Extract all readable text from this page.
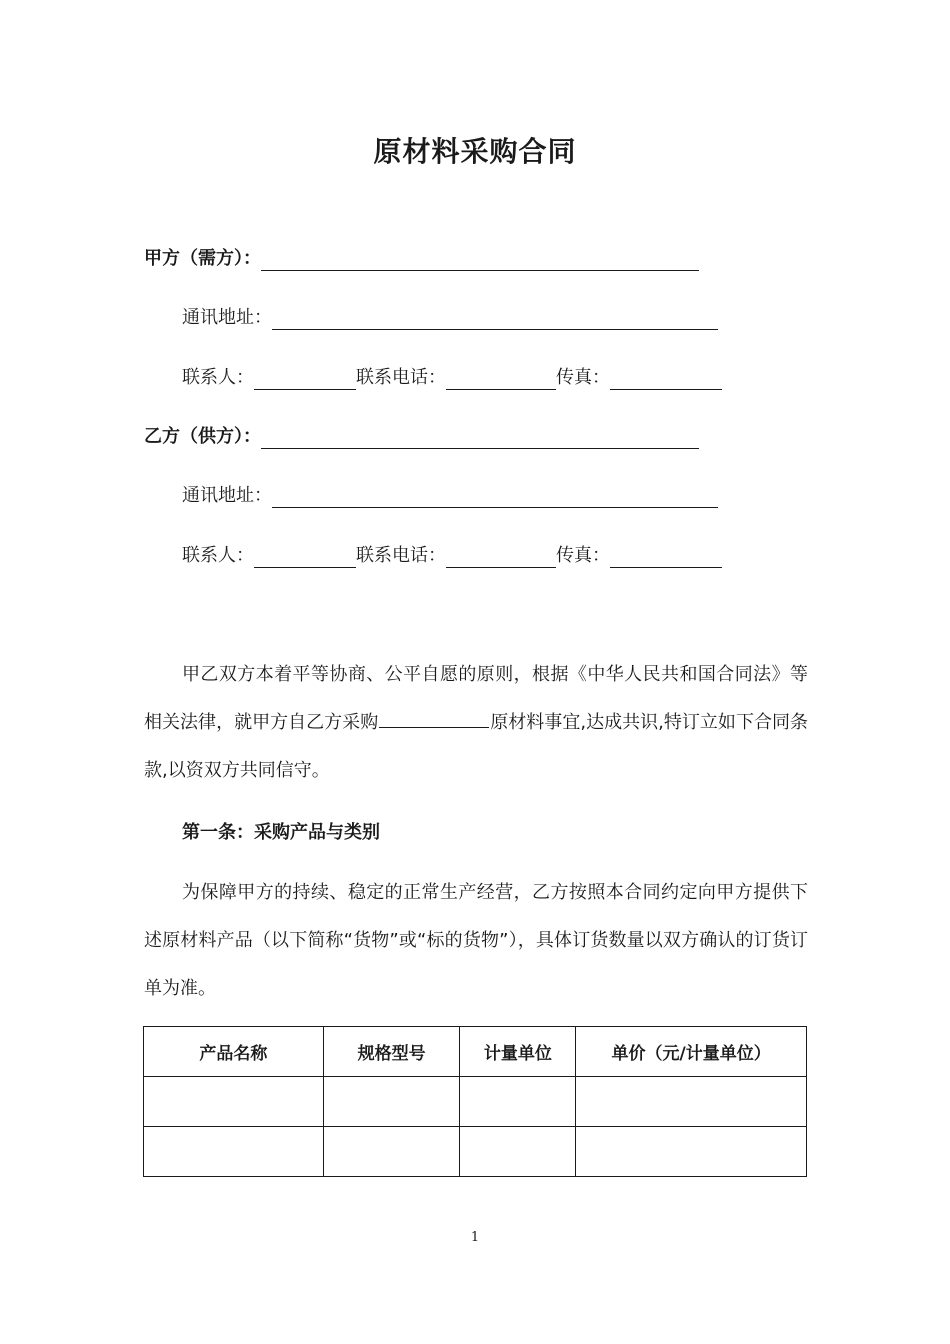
原材料采购合同
甲方（需方）：
通讯地址：
联系人：	联系电话：	传真：
乙方（供方）：
通讯地址：
联系人：	联系电话：	传真：
甲乙双方本着平等协商、公平自愿的原则，根据《中华人民共和国合同法》等相关法律，就甲方自乙方采购	原材料事宜,达成共识,特订立如下合同条款,以资双方共同信守。
第一条：采购产品与类别
为保障甲方的持续、稳定的正常生产经营，乙方按照本合同约定向甲方提供下述原材料产品（以下简称“货物”或“标的货物”），具体订货数量以双方确认的订货订单为准。
产品名称	规格型号	计量单位	单价（元/计量单位）

1
